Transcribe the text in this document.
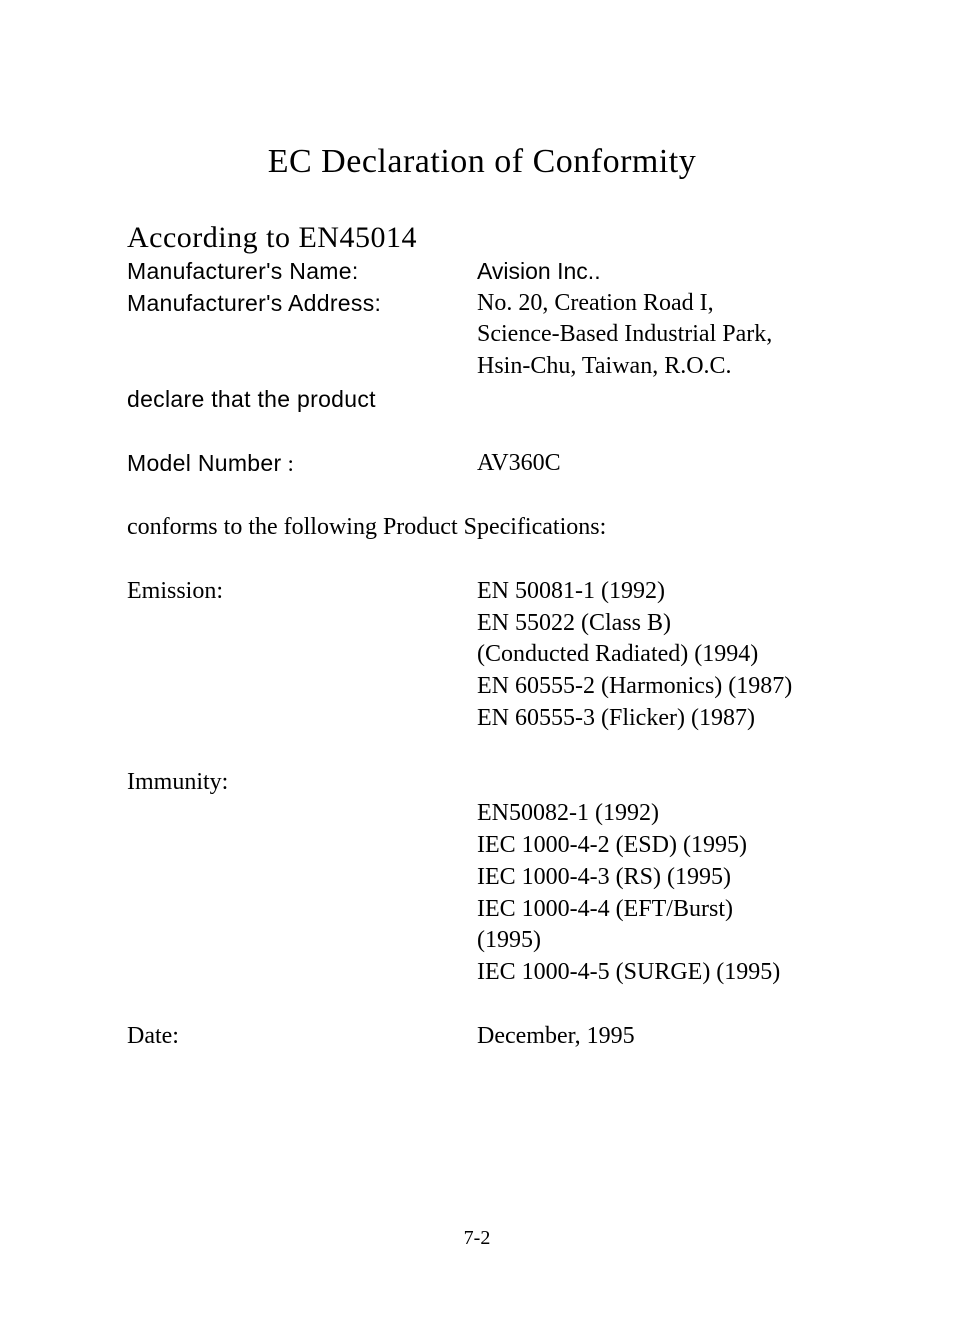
EC Declaration of Conformity
According to EN45014
Manufacturer's Name:	Avision Inc..
Manufacturer's Address:	No. 20, Creation Road I,
Science-Based Industrial Park,
Hsin-Chu, Taiwan, R.O.C.
declare that the product
Model Number :	AV360C
conforms to the following Product Specifications:
Emission:	EN 50081-1 (1992)
EN 55022 (Class B)
(Conducted Radiated) (1994)
EN 60555-2 (Harmonics) (1987)
EN 60555-3 (Flicker) (1987)
Immunity:
EN50082-1 (1992)
IEC 1000-4-2 (ESD) (1995)
IEC 1000-4-3 (RS) (1995)
IEC 1000-4-4 (EFT/Burst)
(1995)
IEC 1000-4-5 (SURGE) (1995)
Date:	December, 1995
7-2
